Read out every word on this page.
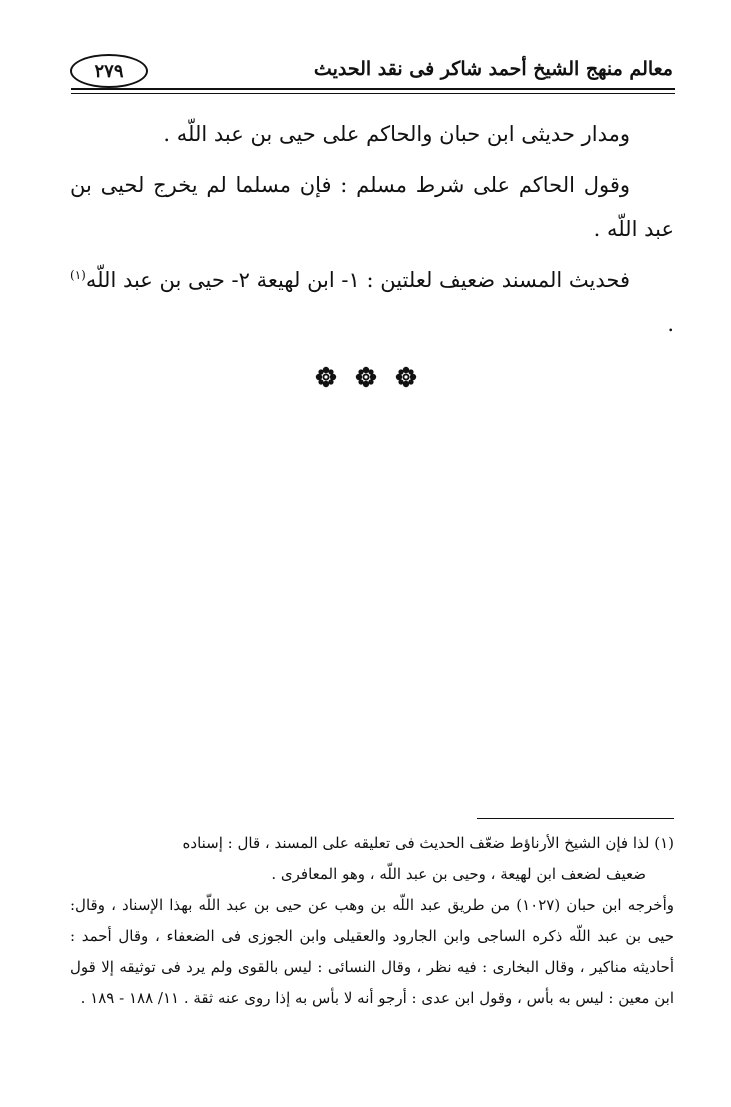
معالم منهج الشيخ أحمد شاكر فى نقد الحديث
٢٧٩
ومدار حديثى ابن حبان والحاكم على حيى بن عبد اللّه .
وقول الحاكم على شرط مسلم : فإن مسلما لم يخرج لحيى بن عبد اللّه .
فحديث المسند ضعيف لعلتين : ١- ابن لهيعة ٢- حيى بن عبد اللّه$^{(١)}$ .
(١) لذا فإن الشيخ الأرناؤط ضعّف الحديث فى تعليقه على المسند ، قال : إسناده
ضعيف لضعف ابن لهيعة ، وحيى بن عبد اللّه ، وهو المعافرى .
وأخرجه ابن حبان (١٠٢٧) من طريق عبد اللّه بن وهب عن حيى بن عبد اللّه بهذا الإسناد ، وقال: حيى بن عبد اللّه ذكره الساجى وابن الجارود والعقيلى وابن الجوزى فى الضعفاء ، وقال أحمد : أحاديثه مناكير ، وقال البخارى : فيه نظر ، وقال النسائى : ليس بالقوى ولم يرد فى توثيقه إلا قول ابن معين : ليس به بأس ، وقول ابن عدى : أرجو أنه لا بأس به إذا روى عنه ثقة . ١١/ ١٨٨ - ١٨٩ .
